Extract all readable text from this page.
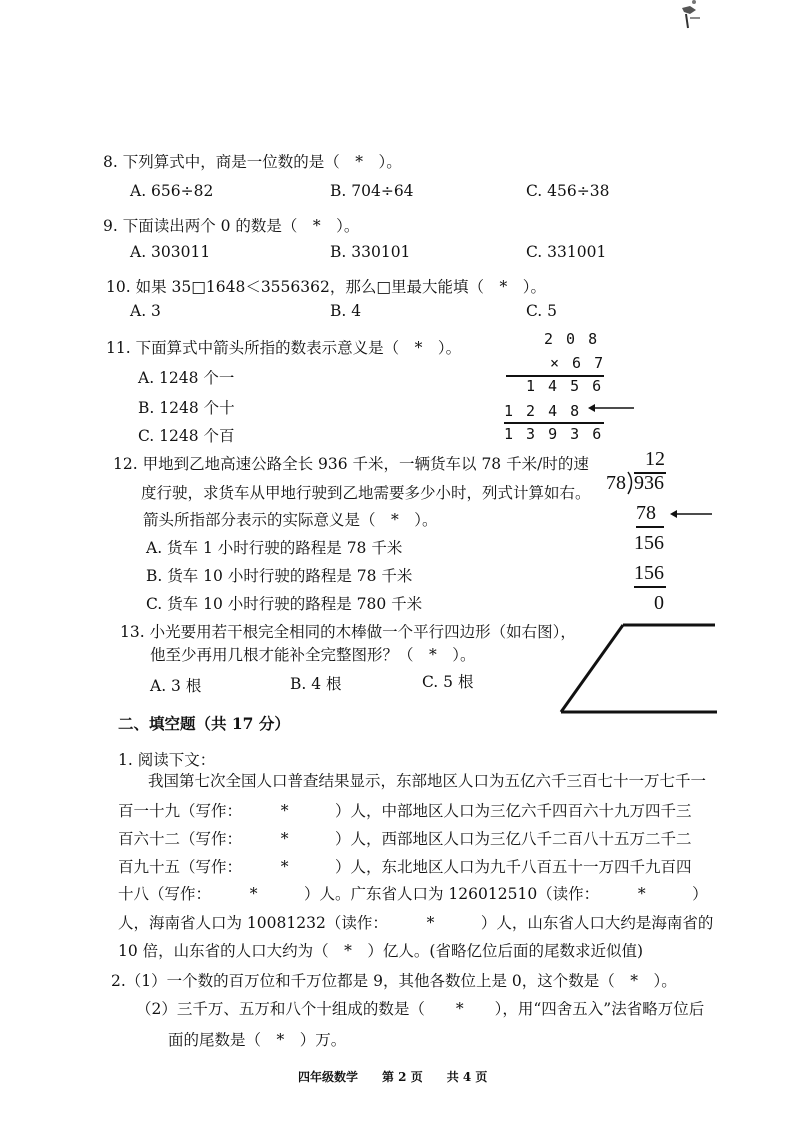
8. 下列算式中，商是一位数的是（　*　）。
A. 656÷82	B. 704÷64	C. 456÷38
9. 下面读出两个 0 的数是（　*　）。
A. 303011	B. 330101	C. 331001
10. 如果 35□1648＜3556362，那么□里最大能填（　*　）。
A. 3	B. 4	C. 5
11. 下面算式中箭头所指的数表示意义是（　*　）。
A. 1248 个一
B. 1248 个十
C. 1248 个百
2 0 8
× 6 7
1 4 5 6
1 2 4 8
1 3 9 3 6
12. 甲地到乙地高速公路全长 936 千米，一辆货车以 78 千米/时的速
度行驶，求货车从甲地行驶到乙地需要多少小时，列式计算如右。
箭头所指部分表示的实际意义是（　*　）。
A. 货车 1 小时行驶的路程是 78 千米
B. 货车 10 小时行驶的路程是 78 千米
C. 货车 10 小时行驶的路程是 780 千米
12
78 936
78
156
156
0
13. 小光要用若干根完全相同的木棒做一个平行四边形（如右图），
他至少再用几根才能补全完整图形？（　*　）。
A. 3 根	B. 4 根	C. 5 根
二、填空题（共 17 分）
1. 阅读下文：
我国第七次全国人口普查结果显示，东部地区人口为五亿六千三百七十一万七千一
百一十九（写作：　　　*　　　）人，中部地区人口为三亿六千四百六十九万四千三
百六十二（写作：　　　*　　　）人，西部地区人口为三亿八千二百八十五万二千二
百九十五（写作：　　　*　　　）人，东北地区人口为九千八百五十一万四千九百四
十八（写作：　　　*　　　）人。广东省人口为 126012510（读作：　　　*　　　）
人，海南省人口为 10081232（读作：　　　*　　　）人，山东省人口大约是海南省的
10 倍，山东省的人口大约为（　*　）亿人。(省略亿位后面的尾数求近似值)
2.（1）一个数的百万位和千万位都是 9，其他各数位上是 0，这个数是（　*　）。
（2）三千万、五万和八个十组成的数是（　　*　　），用“四舍五入”法省略万位后
面的尾数是（　*　）万。
四年级数学　　第 2 页　　共 4 页
